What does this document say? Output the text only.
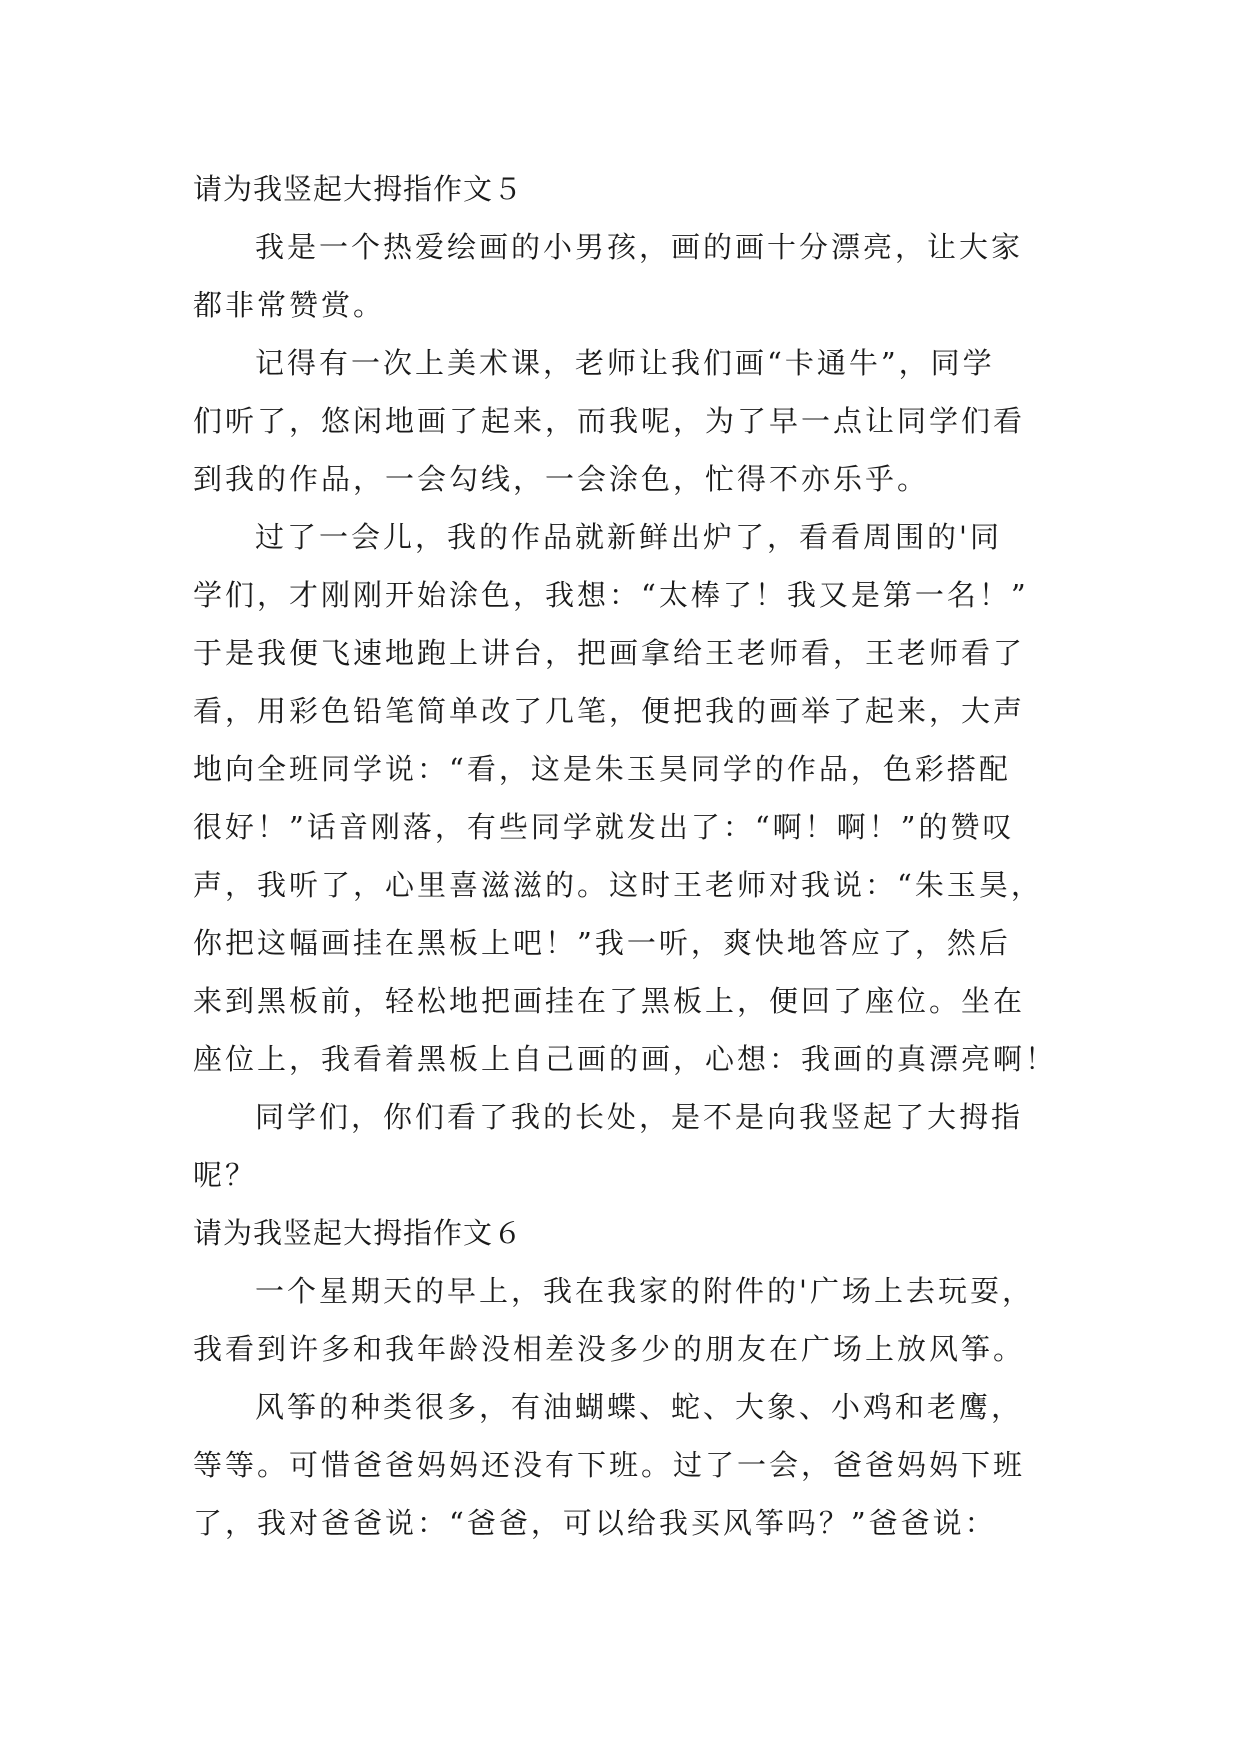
请为我竖起大拇指作文５
我是一个热爱绘画的小男孩，画的画十分漂亮，让大家
都非常赞赏。
记得有一次上美术课，老师让我们画“卡通牛”，同学
们听了，悠闲地画了起来，而我呢，为了早一点让同学们看
到我的作品，一会勾线，一会涂色，忙得不亦乐乎。
过了一会儿，我的作品就新鲜出炉了，看看周围的'同
学们，才刚刚开始涂色，我想：“太棒了！我又是第一名！”
于是我便飞速地跑上讲台，把画拿给王老师看，王老师看了
看，用彩色铅笔简单改了几笔，便把我的画举了起来，大声
地向全班同学说：“看，这是朱玉昊同学的作品，色彩搭配
很好！”话音刚落，有些同学就发出了：“啊！啊！”的赞叹
声，我听了，心里喜滋滋的。这时王老师对我说：“朱玉昊，
你把这幅画挂在黑板上吧！”我一听，爽快地答应了，然后
来到黑板前，轻松地把画挂在了黑板上，便回了座位。坐在
座位上，我看着黑板上自己画的画，心想：我画的真漂亮啊！
同学们，你们看了我的长处，是不是向我竖起了大拇指
呢？
请为我竖起大拇指作文６
一个星期天的早上，我在我家的附件的'广场上去玩耍，
我看到许多和我年龄没相差没多少的朋友在广场上放风筝。
风筝的种类很多，有油蝴蝶、蛇、大象、小鸡和老鹰，
等等。可惜爸爸妈妈还没有下班。过了一会，爸爸妈妈下班
了，我对爸爸说：“爸爸，可以给我买风筝吗？”爸爸说：
